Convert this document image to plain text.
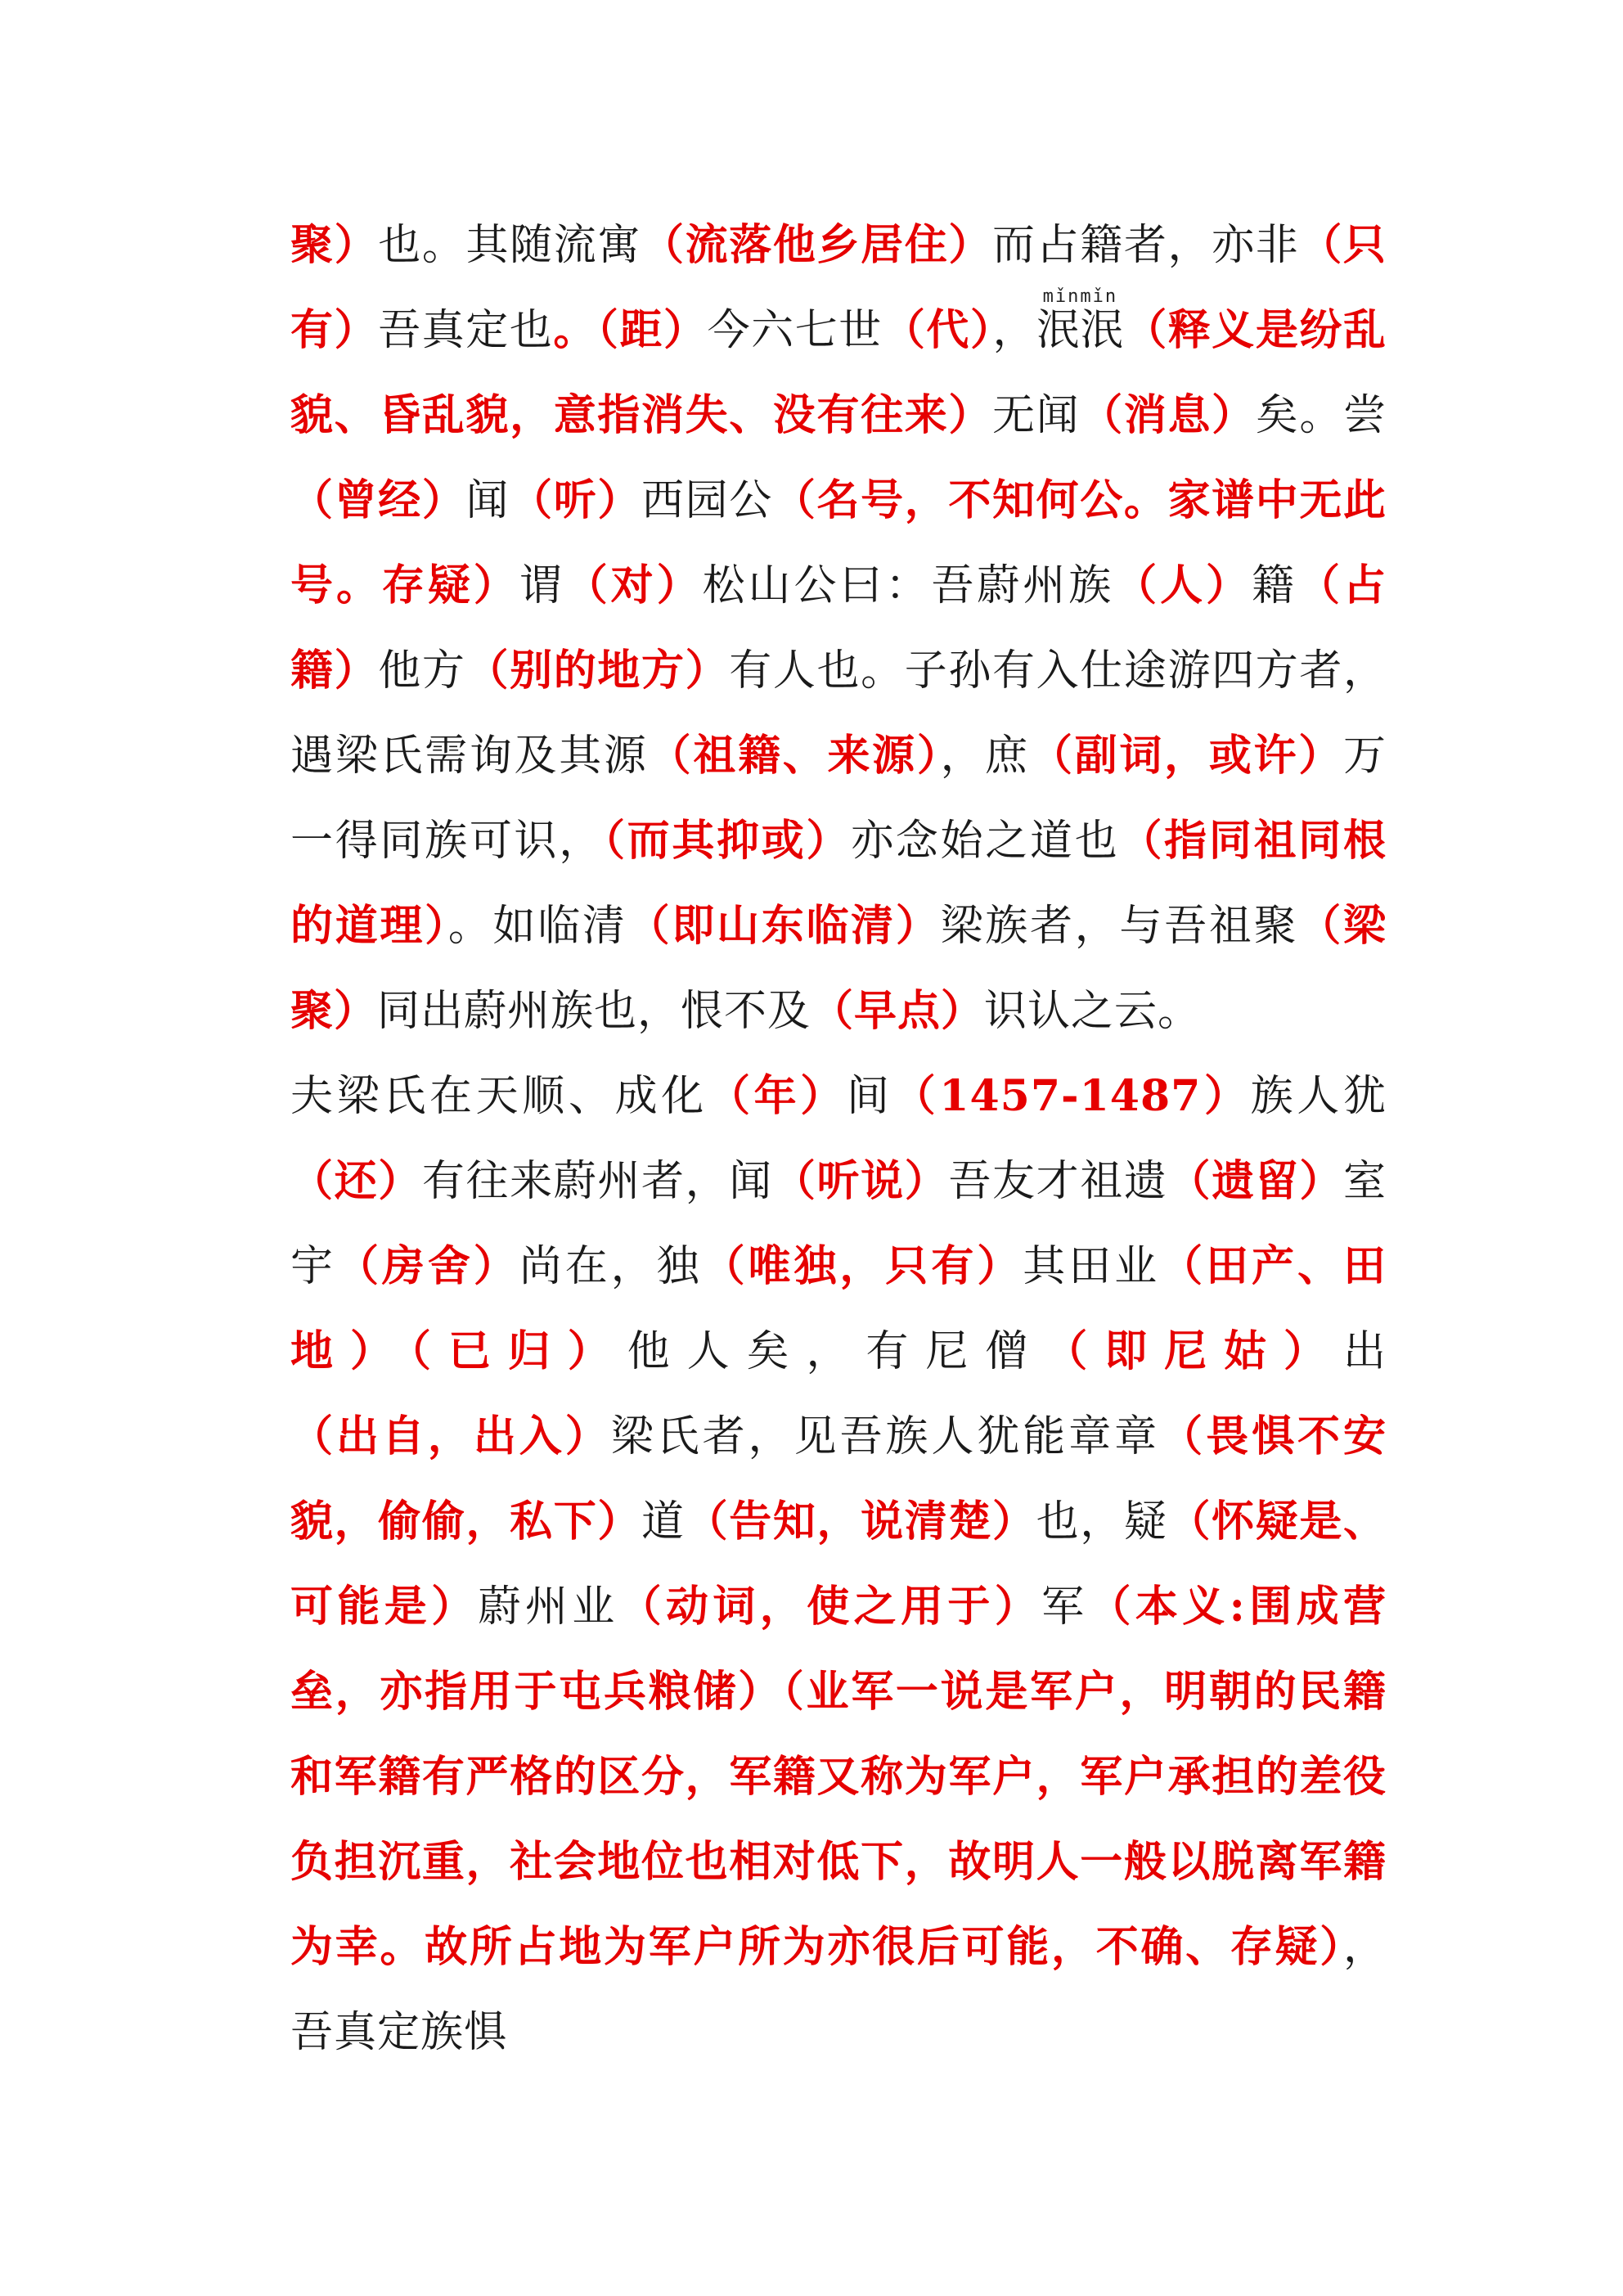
聚）也。其随流寓（流落他乡居住）而占籍者，亦非（只有）吾真定也。（距）今六七世（代），泯泯mǐnmǐn（释义是纷乱貌、昏乱貌，意指消失、没有往来）无闻（消息）矣。尝（曾经）闻（听）西园公（名号，不知何公。家谱中无此号。存疑）谓（对）松山公曰：吾蔚州族（人）籍（占籍）他方（别的地方）有人也。子孙有入仕途游四方者，遇梁氏需询及其源（祖籍、来源），庶（副词，或许）万一得同族可识，（而其抑或）亦念始之道也（指同祖同根的道理）。如临清（即山东临清）梁族者，与吾祖聚（梁聚）同出蔚州族也，恨不及（早点）识认之云。

夫梁氏在天顺、成化（年）间（1457-1487）族人犹（还）有往来蔚州者，闻（听说）吾友才祖遗（遗留）室宇（房舍）尚在，独（唯独，只有）其田业（田产、田地）（已归）他人矣，有尼僧（即尼姑）出（出自，出入）梁氏者，见吾族人犹能章章（畏惧不安貌，偷偷，私下）道（告知，说清楚）也，疑（怀疑是、可能是）蔚州业（动词，使之用于）军（本义:围成营垒，亦指用于屯兵粮储）（业军一说是军户，明朝的民籍和军籍有严格的区分，军籍又称为军户，军户承担的差役负担沉重，社会地位也相对低下，故明人一般以脱离军籍为幸。故所占地为军户所为亦很后可能，不确、存疑），吾真定族惧
